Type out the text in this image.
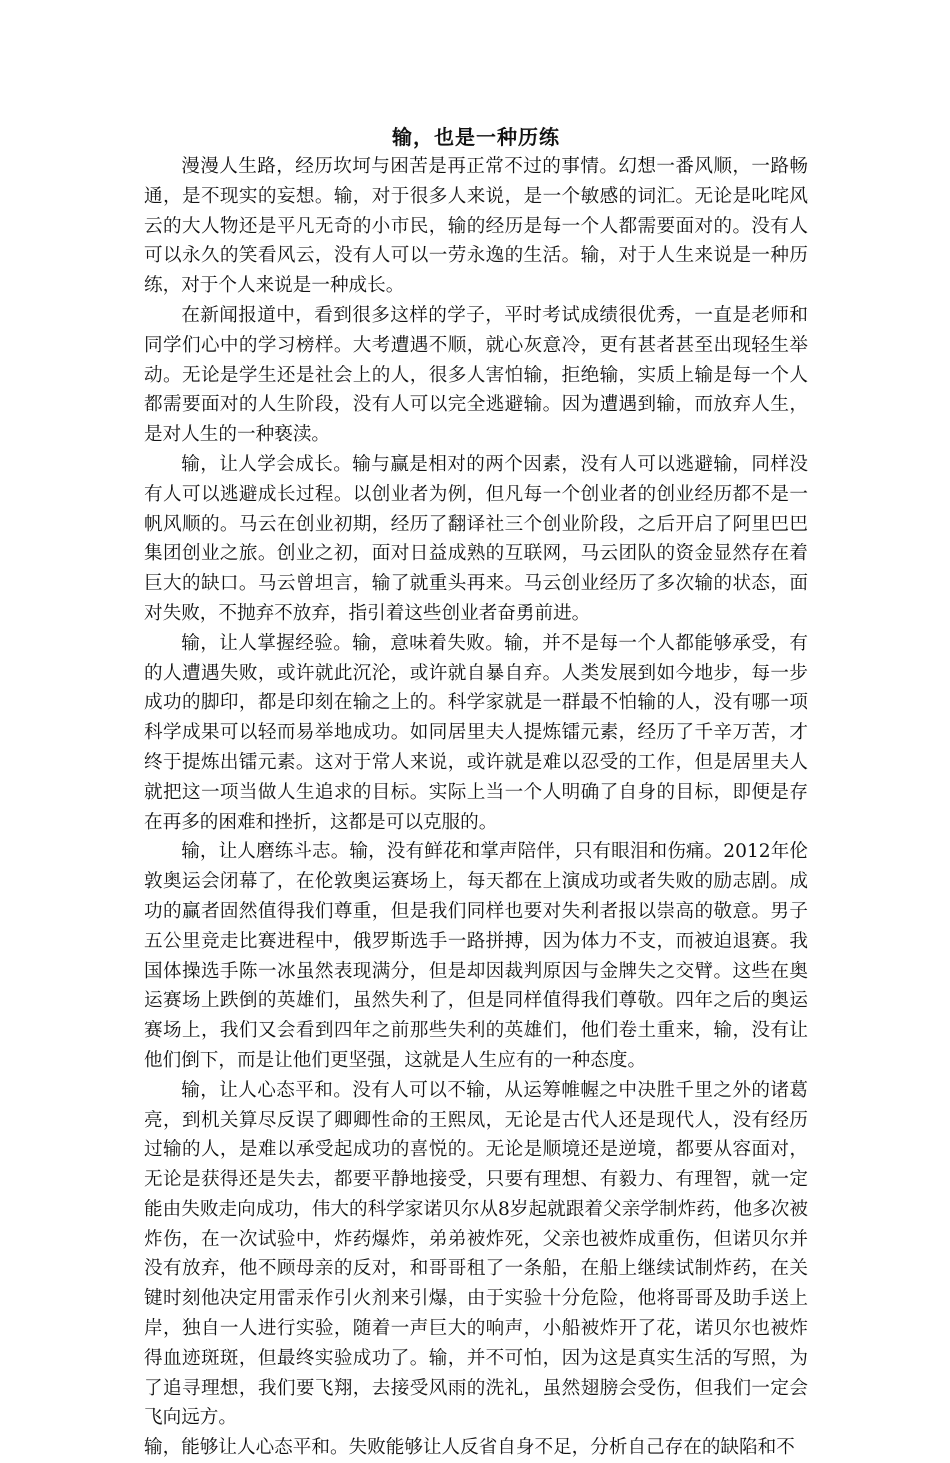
输，也是一种历练

漫漫人生路，经历坎坷与困苦是再正常不过的事情。幻想一番风顺，一路畅通，是不现实的妄想。输，对于很多人来说，是一个敏感的词汇。无论是叱咤风云的大人物还是平凡无奇的小市民，输的经历是每一个人都需要面对的。没有人可以永久的笑看风云，没有人可以一劳永逸的生活。输，对于人生来说是一种历练，对于个人来说是一种成长。

在新闻报道中，看到很多这样的学子，平时考试成绩很优秀，一直是老师和同学们心中的学习榜样。大考遭遇不顺，就心灰意冷，更有甚者甚至出现轻生举动。无论是学生还是社会上的人，很多人害怕输，拒绝输，实质上输是每一个人都需要面对的人生阶段，没有人可以完全逃避输。因为遭遇到输，而放弃人生，是对人生的一种亵渎。

输，让人学会成长。输与赢是相对的两个因素，没有人可以逃避输，同样没有人可以逃避成长过程。以创业者为例，但凡每一个创业者的创业经历都不是一帆风顺的。马云在创业初期，经历了翻译社三个创业阶段，之后开启了阿里巴巴集团创业之旅。创业之初，面对日益成熟的互联网，马云团队的资金显然存在着巨大的缺口。马云曾坦言，输了就重头再来。马云创业经历了多次输的状态，面对失败，不抛弃不放弃，指引着这些创业者奋勇前进。

输，让人掌握经验。输，意味着失败。输，并不是每一个人都能够承受，有的人遭遇失败，或许就此沉沦，或许就自暴自弃。人类发展到如今地步，每一步成功的脚印，都是印刻在输之上的。科学家就是一群最不怕输的人，没有哪一项科学成果可以轻而易举地成功。如同居里夫人提炼镭元素，经历了千辛万苦，才终于提炼出镭元素。这对于常人来说，或许就是难以忍受的工作，但是居里夫人就把这一项当做人生追求的目标。实际上当一个人明确了自身的目标，即便是存在再多的困难和挫折，这都是可以克服的。

输，让人磨练斗志。输，没有鲜花和掌声陪伴，只有眼泪和伤痛。2012年伦敦奥运会闭幕了，在伦敦奥运赛场上，每天都在上演成功或者失败的励志剧。成功的赢者固然值得我们尊重，但是我们同样也要对失利者报以崇高的敬意。男子五公里竞走比赛进程中，俄罗斯选手一路拼搏，因为体力不支，而被迫退赛。我国体操选手陈一冰虽然表现满分，但是却因裁判原因与金牌失之交臂。这些在奥运赛场上跌倒的英雄们，虽然失利了，但是同样值得我们尊敬。四年之后的奥运赛场上，我们又会看到四年之前那些失利的英雄们，他们卷土重来，输，没有让他们倒下，而是让他们更坚强，这就是人生应有的一种态度。

输，让人心态平和。没有人可以不输，从运筹帷幄之中决胜千里之外的诸葛亮，到机关算尽反误了卿卿性命的王熙凤，无论是古代人还是现代人，没有经历过输的人，是难以承受起成功的喜悦的。无论是顺境还是逆境，都要从容面对，无论是获得还是失去，都要平静地接受，只要有理想、有毅力、有理智，就一定能由失败走向成功，伟大的科学家诺贝尔从8岁起就跟着父亲学制炸药，他多次被炸伤，在一次试验中，炸药爆炸，弟弟被炸死，父亲也被炸成重伤，但诺贝尔并没有放弃，他不顾母亲的反对，和哥哥租了一条船，在船上继续试制炸药，在关键时刻他决定用雷汞作引火剂来引爆，由于实验十分危险，他将哥哥及助手送上岸，独自一人进行实验，随着一声巨大的响声，小船被炸开了花，诺贝尔也被炸得血迹斑斑，但最终实验成功了。输，并不可怕，因为这是真实生活的写照，为了追寻理想，我们要飞翔，去接受风雨的洗礼，虽然翅膀会受伤，但我们一定会飞向远方。

输，能够让人心态平和。失败能够让人反省自身不足，分析自己存在的缺陷和不
